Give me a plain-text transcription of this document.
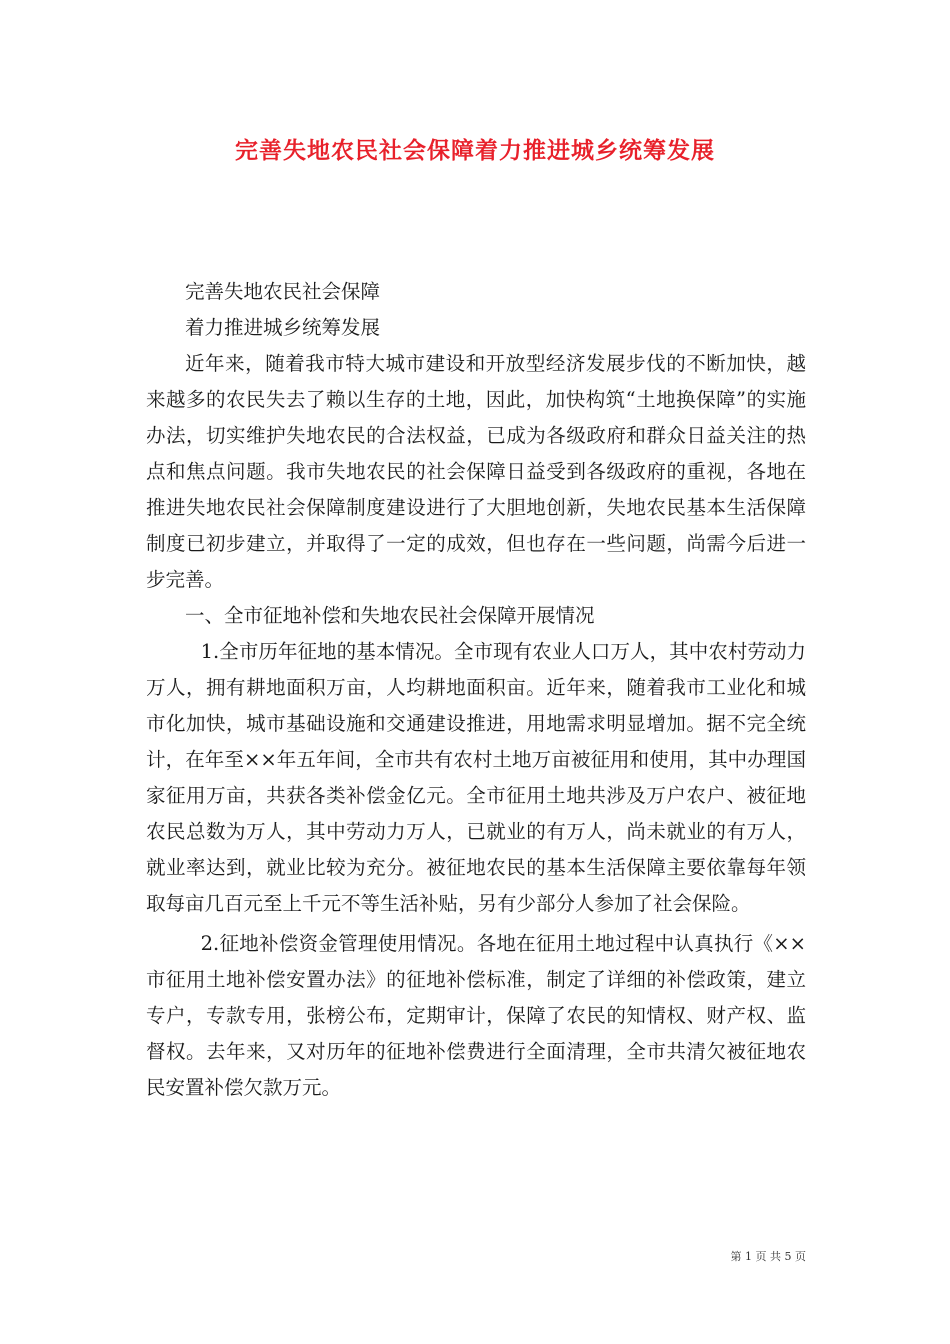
完善失地农民社会保障着力推进城乡统筹发展

完善失地农民社会保障

着力推进城乡统筹发展

近年来，随着我市特大城市建设和开放型经济发展步伐的不断加快，越来越多的农民失去了赖以生存的土地，因此，加快构筑“土地换保障”的实施办法，切实维护失地农民的合法权益，已成为各级政府和群众日益关注的热点和焦点问题。我市失地农民的社会保障日益受到各级政府的重视，各地在推进失地农民社会保障制度建设进行了大胆地创新，失地农民基本生活保障制度已初步建立，并取得了一定的成效，但也存在一些问题，尚需今后进一步完善。

一、全市征地补偿和失地农民社会保障开展情况

1.全市历年征地的基本情况。全市现有农业人口万人，其中农村劳动力万人，拥有耕地面积万亩，人均耕地面积亩。近年来，随着我市工业化和城市化加快，城市基础设施和交通建设推进，用地需求明显增加。据不完全统计，在年至××年五年间，全市共有农村土地万亩被征用和使用，其中办理国家征用万亩，共获各类补偿金亿元。全市征用土地共涉及万户农户、被征地农民总数为万人，其中劳动力万人，已就业的有万人，尚未就业的有万人，就业率达到，就业比较为充分。被征地农民的基本生活保障主要依靠每年领取每亩几百元至上千元不等生活补贴，另有少部分人参加了社会保险。

2.征地补偿资金管理使用情况。各地在征用土地过程中认真执行《××市征用土地补偿安置办法》的征地补偿标准，制定了详细的补偿政策，建立专户，专款专用，张榜公布，定期审计，保障了农民的知情权、财产权、监督权。去年来，又对历年的征地补偿费进行全面清理，全市共清欠被征地农民安置补偿欠款万元。

第 1 页 共 5 页
